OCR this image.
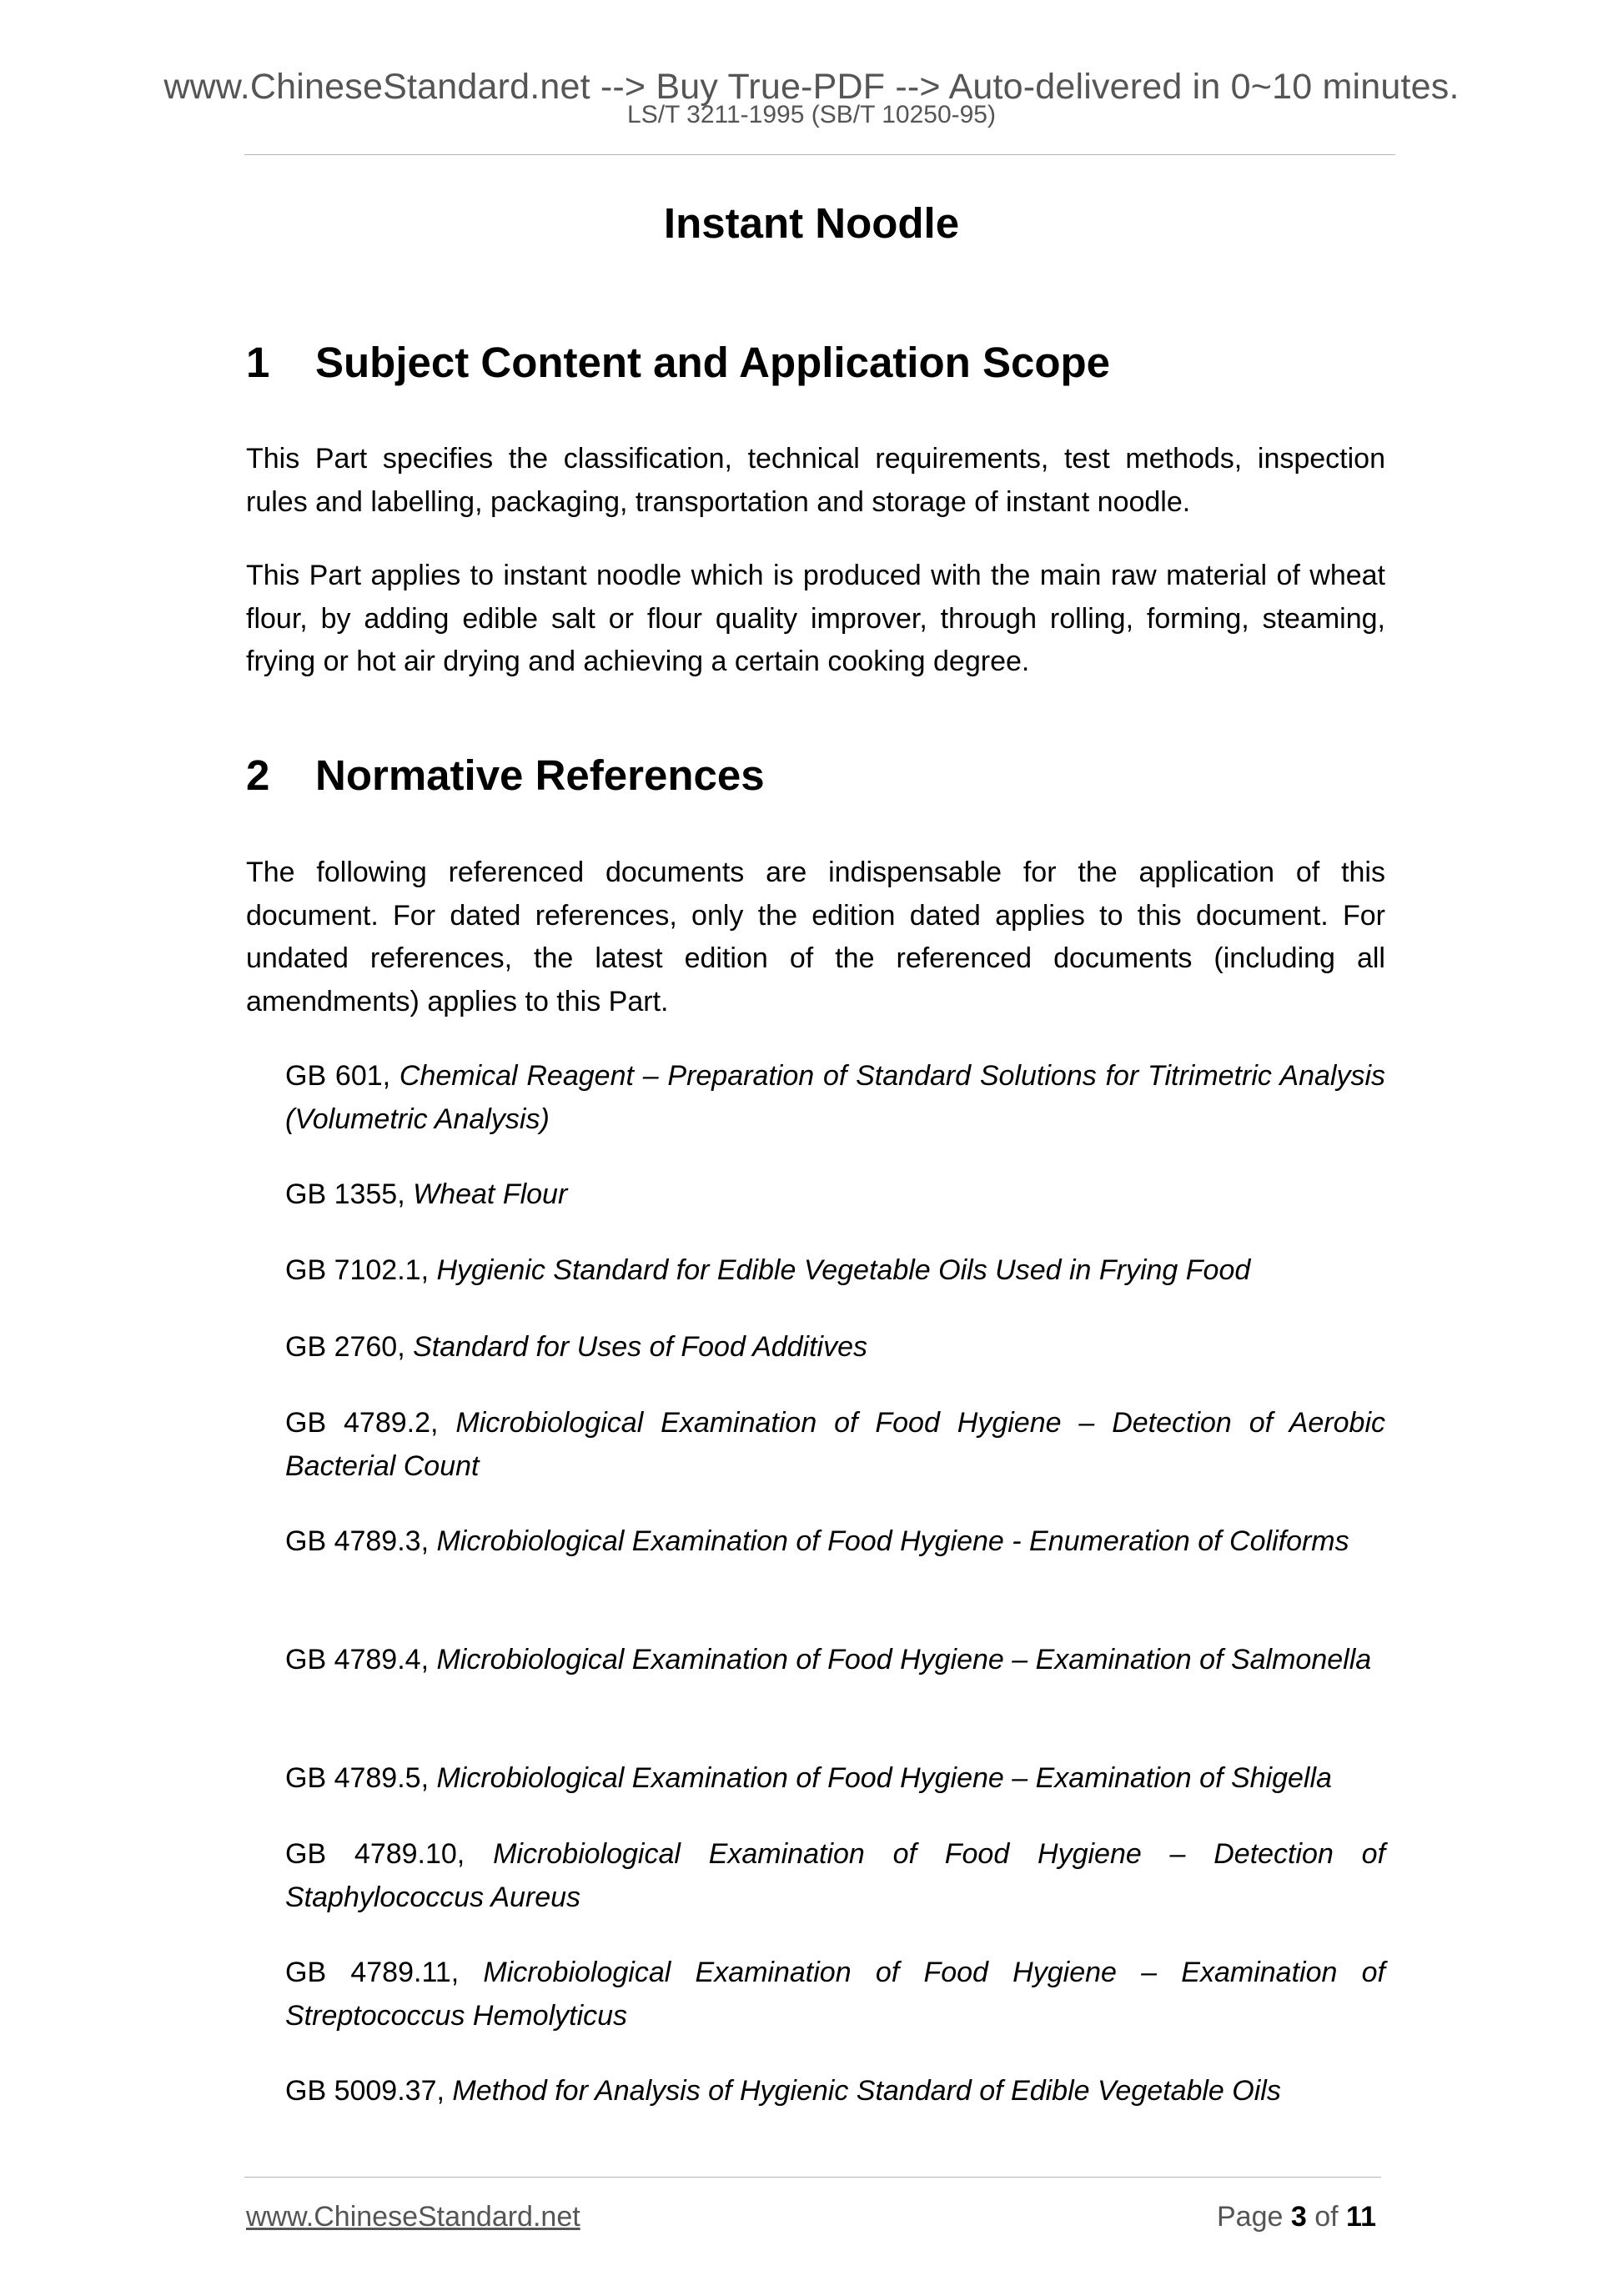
www.ChineseStandard.net --> Buy True-PDF --> Auto-delivered in 0~10 minutes.
LS/T 3211-1995 (SB/T 10250-95)
Instant Noodle
1 Subject Content and Application Scope
This Part specifies the classification, technical requirements, test methods, inspection rules and labelling, packaging, transportation and storage of instant noodle.
This Part applies to instant noodle which is produced with the main raw material of wheat flour, by adding edible salt or flour quality improver, through rolling, forming, steaming, frying or hot air drying and achieving a certain cooking degree.
2 Normative References
The following referenced documents are indispensable for the application of this document. For dated references, only the edition dated applies to this document. For undated references, the latest edition of the referenced documents (including all amendments) applies to this Part.
GB 601, Chemical Reagent – Preparation of Standard Solutions for Titrimetric Analysis (Volumetric Analysis)
GB 1355, Wheat Flour
GB 7102.1, Hygienic Standard for Edible Vegetable Oils Used in Frying Food
GB 2760, Standard for Uses of Food Additives
GB 4789.2, Microbiological Examination of Food Hygiene – Detection of Aerobic Bacterial Count
GB 4789.3, Microbiological Examination of Food Hygiene - Enumeration of Coliforms
GB 4789.4, Microbiological Examination of Food Hygiene – Examination of Salmonella
GB 4789.5, Microbiological Examination of Food Hygiene – Examination of Shigella
GB 4789.10, Microbiological Examination of Food Hygiene – Detection of Staphylococcus Aureus
GB 4789.11, Microbiological Examination of Food Hygiene – Examination of Streptococcus Hemolyticus
GB 5009.37, Method for Analysis of Hygienic Standard of Edible Vegetable Oils
www.ChineseStandard.net	Page 3 of 11
